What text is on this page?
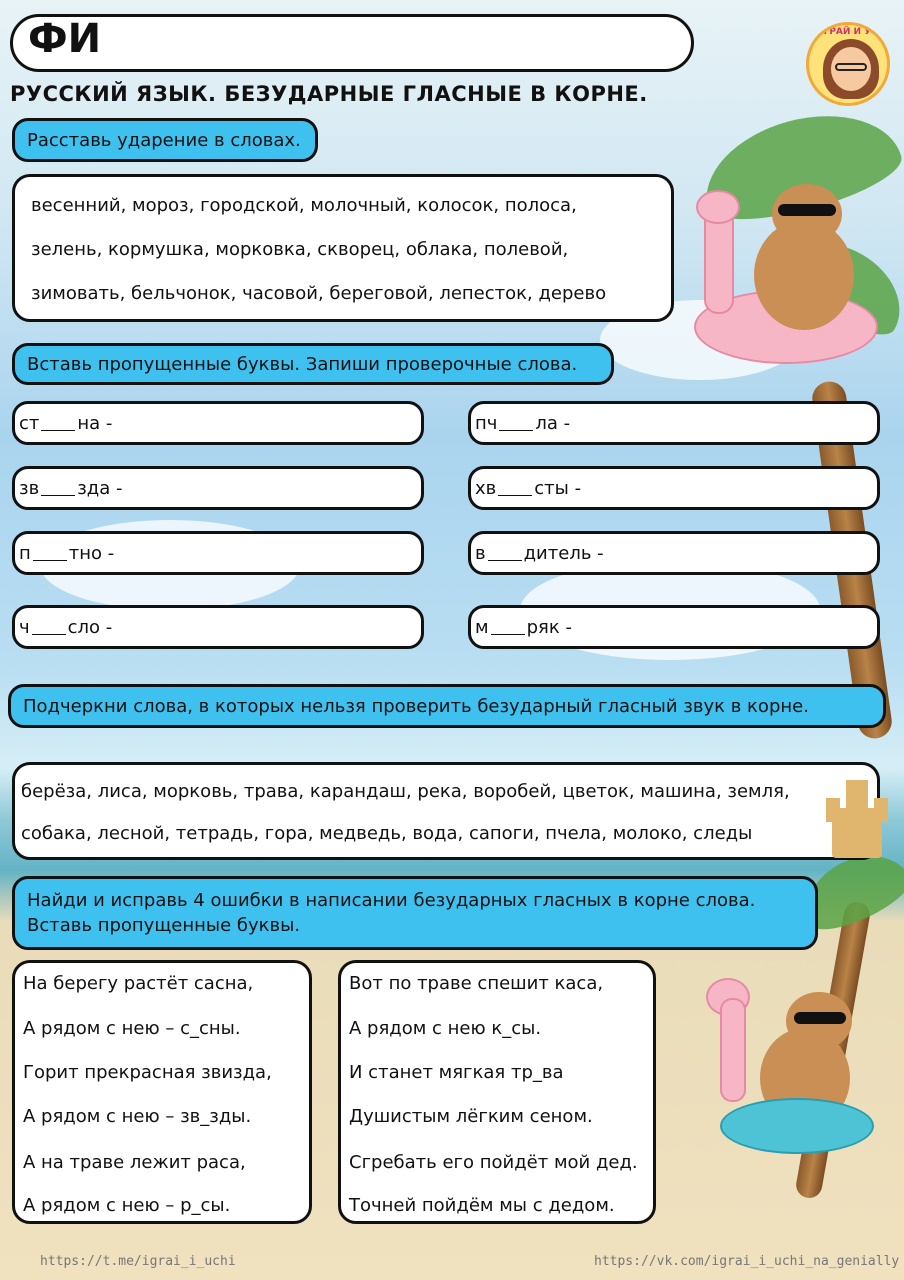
ФИ
РУССКИЙ ЯЗЫК. БЕЗУДАРНЫЕ ГЛАСНЫЕ В КОРНЕ.
ИГРАЙ И УЧИ
Расставь ударение в словах.
весенний, мороз, городской, молочный, колосок, полоса,
зелень, кормушка, морковка, скворец, облака, полевой,
зимовать, бельчонок, часовой, береговой, лепесток, дерево
Вставь пропущенные буквы. Запиши проверочные слова.
ст на -
зв зда -
п тно -
ч сло -
пч ла -
хв сты -
в дитель -
м ряк -
Подчеркни слова, в которых нельзя проверить безударный гласный звук в корне.
берёза, лиса, морковь, трава, карандаш, река, воробей, цветок, машина, земля,
собака, лесной, тетрадь, гора, медведь, вода, сапоги, пчела, молоко, следы
Найди и исправь 4 ошибки в написании безударных гласных в корне слова.
Вставь пропущенные буквы.
На берегу растёт сасна,
А рядом с нею – с_сны.
Горит прекрасная звизда,
А рядом с нею – зв_зды.
А на траве лежит раса,
А рядом с нею – р_сы.
Вот по траве спешит каса,
А рядом с нею к_сы.
И станет мягкая тр_ва
Душистым лёгким сеном.
Сгребать его пойдёт мой дед.
Точней пойдём мы с дедом.
https://t.me/igrai_i_uchi	https://vk.com/igrai_i_uchi_na_genially
